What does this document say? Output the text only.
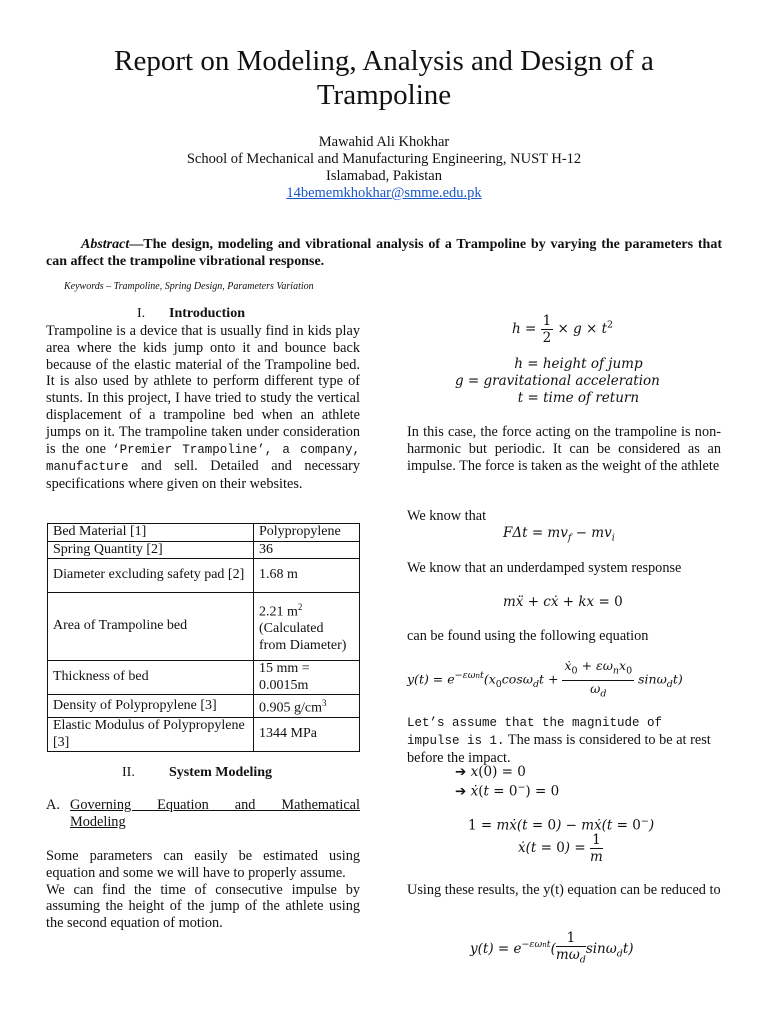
Report on Modeling, Analysis and Design of a Trampoline
Mawahid Ali Khokhar
School of Mechanical and Manufacturing Engineering, NUST H-12
Islamabad, Pakistan
14bememkhokhar@smme.edu.pk
Abstract—The design, modeling and vibrational analysis of a Trampoline by varying the parameters that can affect the trampoline vibrational response.
Keywords – Trampoline, Spring Design, Parameters Variation
I. Introduction

Trampoline is a device that is usually find in kids play area where the kids jump onto it and bounce back because of the elastic material of the Trampoline bed. It is also used by athlete to perform different type of stunts. In this project, I have tried to study the vertical displacement of a trampoline bed when an athlete jumps on it. The trampoline taken under consideration is the one ‘Premier Trampoline’, a company, manufacture and sell. Detailed and necessary specifications where given on their websites.

Bed Material [1]	Polypropylene
Spring Quantity [2]	36
Diameter excluding safety pad [2]	1.68 m
Area of Trampoline bed	2.21 $m^2$
(Calculated from Diameter)
Thickness of bed	15 mm = 0.0015m
Density of Polypropylene [3]	0.905 $g/cm^3$
Elastic Modulus of Polypropylene [3]	1344 MPa
II. System Modeling
A. Governing Equation and Mathematical
Modeling

Some parameters can easily be estimated using equation and some we will have to properly assume.

We can find the time of consecutive impulse by assuming the height of the jump of the athlete using the second equation of motion.

$h = \frac{1}{2} \times g \times t^2$
h = height of jump
g = gravitational acceleration
t = time of return
In this case, the force acting on the trampoline is non-harmonic but periodic. It can be considered as an impulse. The force is taken as the weight of the athlete
We know that
$F\Delta t = mv_f - mv_i$
We know that an underdamped system response
mẍ + cẋ + kx = 0
can be found using the following equation
$y(t) = e^{-\varepsilon\omega nt}(x_0\cos\omega_dt + \frac{ẋ_0 + \varepsilon\omega_nx_0}{\omega_d} \sin\omega_dt)$
Let’s assume that the magnitude of impulse is 1. The mass is considered to be at rest before the impact.
➔ x(0) = 0
➔ ẋ(t = 0−) = 0
1 = mẋ(t = 0) − mẋ(t = 0−)
ẋ(t = $0) = \frac{1}{m}$
Using these results, the y(t) equation can be reduced to
$y(t) = e^{-\varepsilon\omega nt}( \frac{1}{m\omega_d} \sin\omega_dt)$
